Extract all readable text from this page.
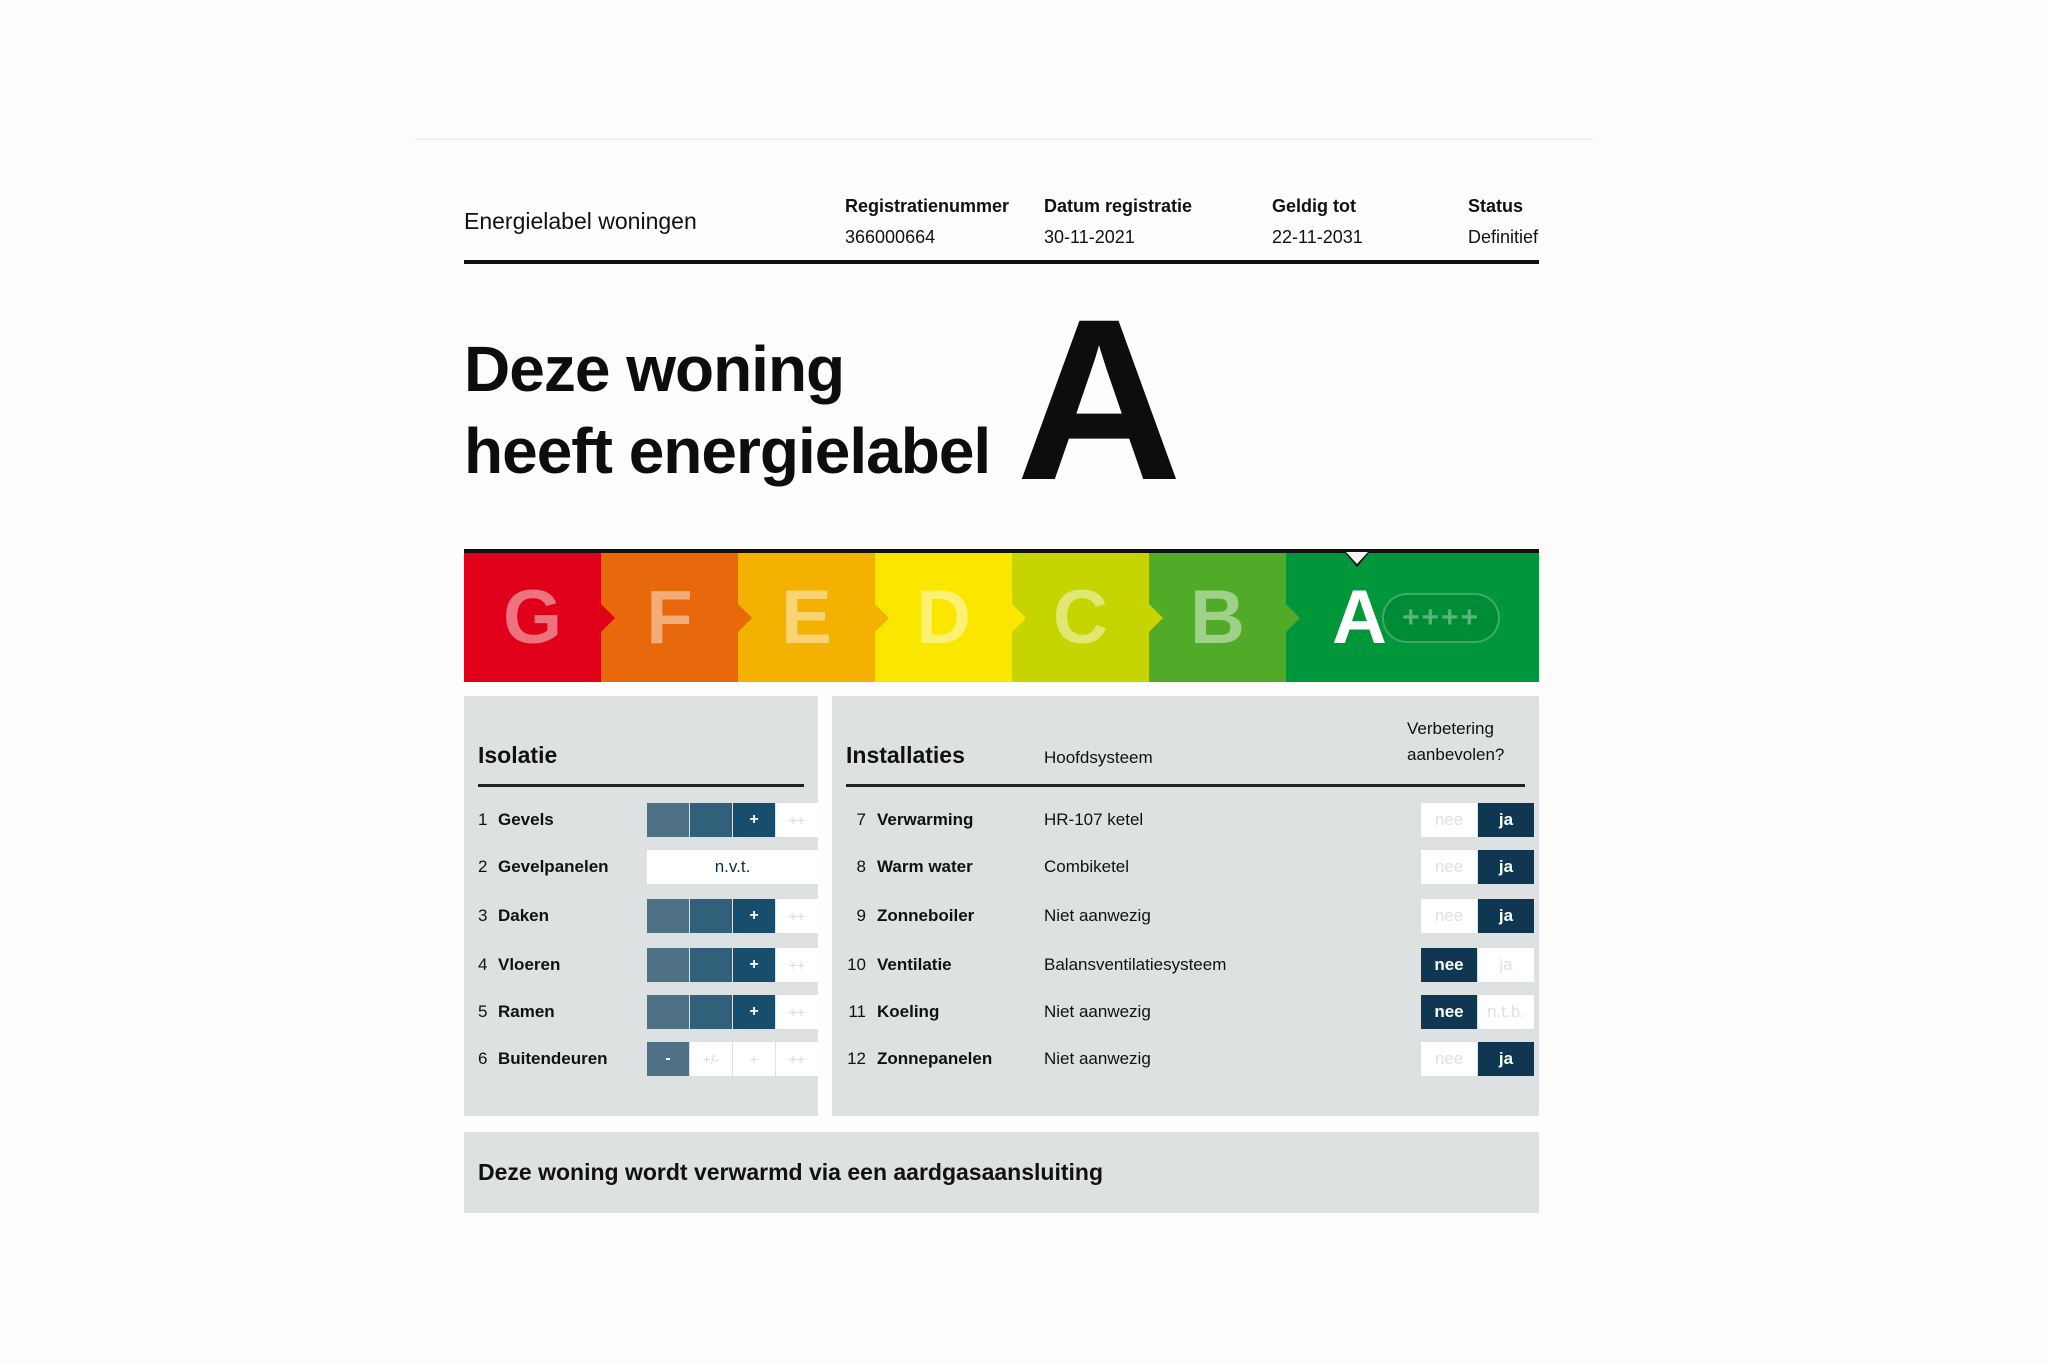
Energielabel woningen
Registratienummer
366000664
Datum registratie
30-11-2021
Geldig tot
22-11-2031
Status
Definitief
Deze woning
heeft energielabel A
G F E D C B A ++++
Isolatie
1 Gevels	+	++
2 Gevelpanelen	n.v.t.
3 Daken	+	++
4 Vloeren	+	++
5 Ramen	+	++
6 Buitendeuren	-	+/-	+	++
Installaties	Hoofdsysteem
Verbetering
aanbevolen?
7 Verwarming	HR-107 ketel	nee	ja
8 Warm water	Combiketel	nee	ja
9 Zonneboiler	Niet aanwezig	nee	ja
10 Ventilatie	Balansventilatiesysteem	nee	ja
11 Koeling	Niet aanwezig	nee	n.t.b.
12 Zonnepanelen	Niet aanwezig	nee	ja
Deze woning wordt verwarmd via een aardgasaansluiting
